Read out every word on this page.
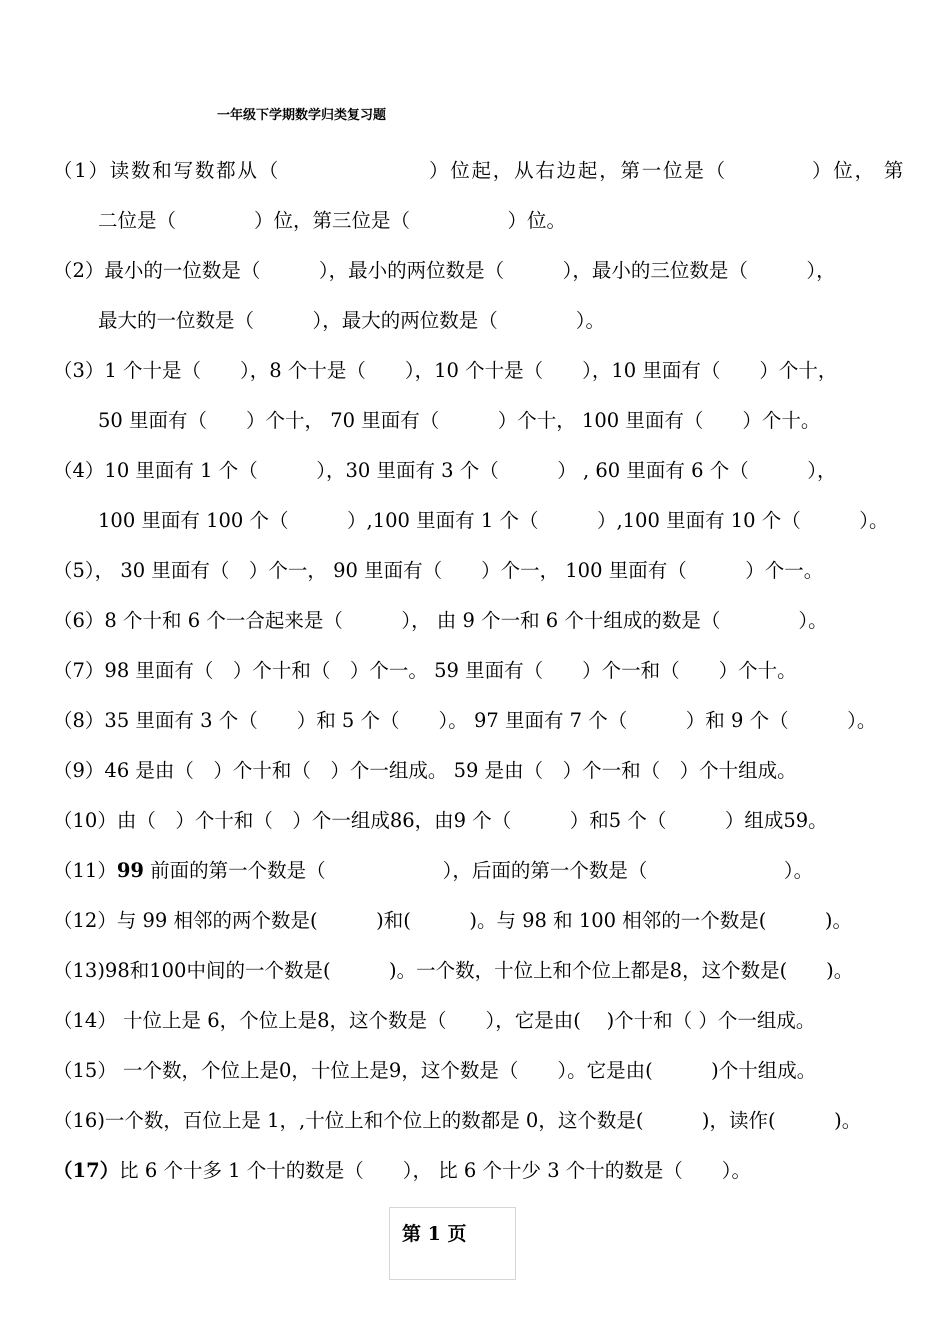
一年级下学期数学归类复习题
（1）读数和写数都从（　　　　　　　）位起，从右边起，第一位是（　　　　）位， 第
二位是（　　　　）位，第三位是（　　　　　）位。
（2）最小的一位数是（　　　），最小的两位数是（　　　），最小的三位数是（　　　），
最大的一位数是（　　　），最大的两位数是（　　　　）。
（3）1 个十是（　　），8 个十是（　　），10 个十是（　　），10 里面有（　　）个十，
50 里面有（　　）个十， 70 里面有（　　　）个十， 100 里面有（　　）个十。
（4）10 里面有 1 个（　　　），30 里面有 3 个（　　　） , 60 里面有 6 个（　　　），
100 里面有 100 个（　　　）,100 里面有 1 个（　　　）,100 里面有 10 个（　　　）。
（5）， 30 里面有（　）个一， 90 里面有（　　）个一， 100 里面有（　　　）个一。
（6）8 个十和 6 个一合起来是（　　　）， 由 9 个一和 6 个十组成的数是（　　　　）。
（7）98 里面有（　）个十和（　）个一。 59 里面有（　　）个一和（　　）个十。
（8）35 里面有 3 个（　　）和 5 个（　　）。 97 里面有 7 个（　　　）和 9 个（　　　）。
（9）46 是由（　）个十和（　）个一组成。 59 是由（　）个一和（　）个十组成。
（10）由（　）个十和（　）个一组成86，由9 个（　　　）和5 个（　　　）组成59。
（11）99 前面的第一个数是（　　　　　　），后面的第一个数是（　　　　　　　）。
（12）与 99 相邻的两个数是(　　　)和(　　　)。与 98 和 100 相邻的一个数是(　　　)。
（13)98和100中间的一个数是(　　　)。一个数，十位上和个位上都是8，这个数是(　　)。
（14） 十位上是 6，个位上是8，这个数是（　　），它是由(　 )个十和（ ）个一组成。
（15） 一个数，个位上是0，十位上是9，这个数是（　　）。它是由(　　　)个十组成。
（16)一个数，百位上是 1，,十位上和个位上的数都是 0，这个数是(　　　)，读作(　　　)。
（17）比 6 个十多 1 个十的数是（　　）， 比 6 个十少 3 个十的数是（　　）。
第 1 页
